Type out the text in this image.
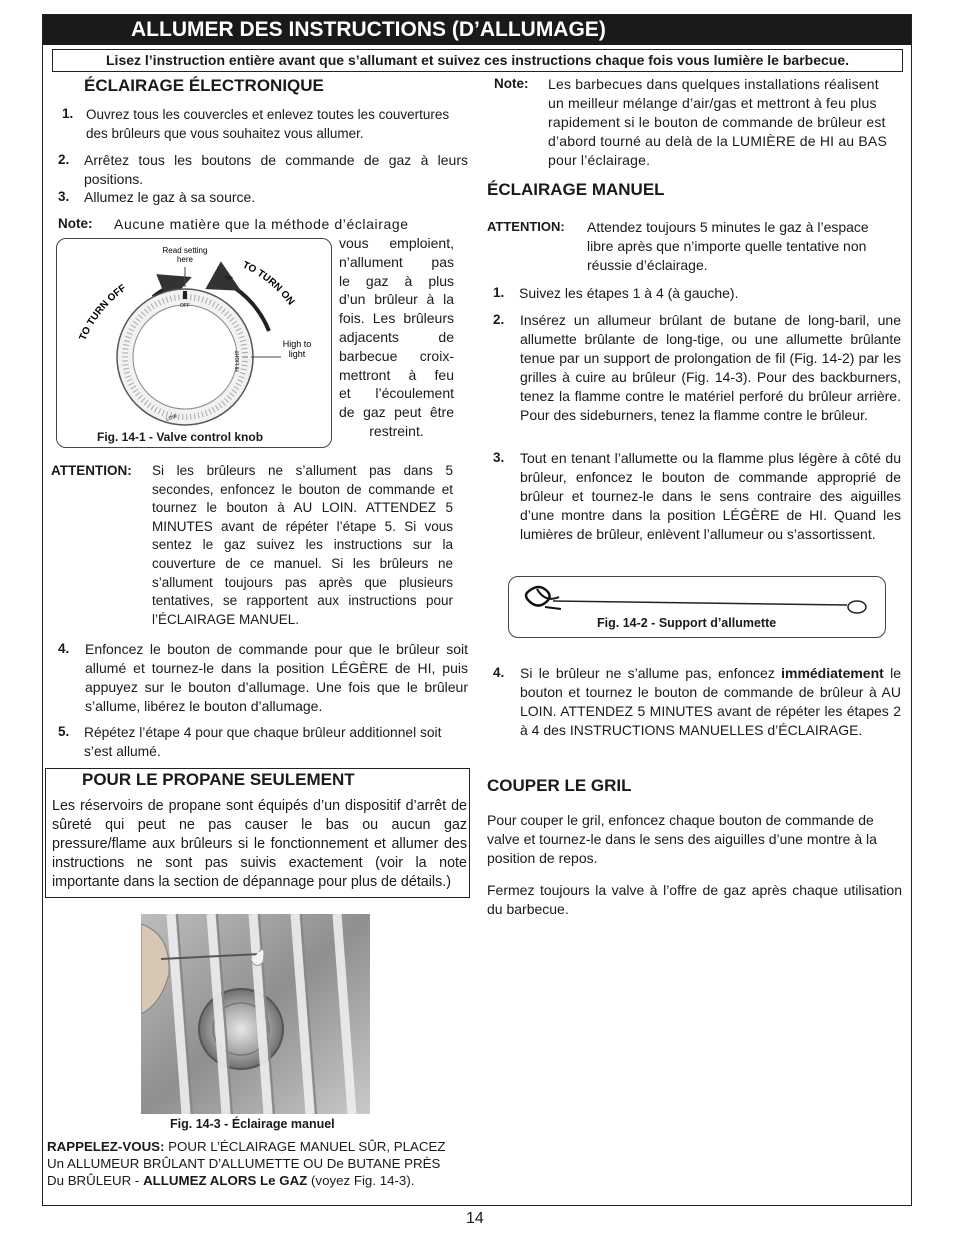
ALLUMER DES INSTRUCTIONS (D’ALLUMAGE)
Lisez l’instruction entière avant que s’allumant et suivez ces instructions chaque fois vous lumière le barbecue.
ÉCLAIRAGE ÉLECTRONIQUE
1. Ouvrez tous les couvercles et enlevez toutes les couvertures des brûleurs que vous souhaitez vous allumer.
2. Arrêtez tous les boutons de commande de gaz à leurs positions.
3. Allumez le gaz à sa source.
Note: Aucune matière que la méthode d’éclairage
vous emploient,
n’allument pas
le gaz à plus
d’un brûleur à la
fois. Les brûleurs
adjacents de
barbecue croix-
mettront à feu
et l’écoulement
de gaz peut être
restreint.
Read setting
here
OFF
LOW
HI LIGHT
High to
light
TO TURN OFF
TO TURN ON
Fig. 14-1 - Valve control knob
ATTENTION: Si les brûleurs ne s’allument pas dans 5 secondes, enfoncez le bouton de commande et tournez le bouton à AU LOIN. ATTENDEZ 5 MINUTES avant de répéter l’étape 5. Si vous sentez le gaz suivez les instructions sur la couverture de ce manuel. Si les brûleurs ne s’allument toujours pas après que plusieurs tentatives, se rapportent aux instructions pour l’ÉCLAIRAGE MANUEL.
4. Enfoncez le bouton de commande pour que le brûleur soit allumé et tournez-le dans la position LÉGÈRE de HI, puis appuyez sur le bouton d’allumage. Une fois que le brûleur s’allume, libérez le bouton d’allumage.
5. Répétez l’étape 4 pour que chaque brûleur additionnel soit s’est allumé.
POUR LE PROPANE SEULEMENT
Les réservoirs de propane sont équipés d’un dispositif d’arrêt de sûreté qui peut ne pas causer le bas ou aucun gaz pressure/flame aux brûleurs si le fonctionnement et allumer des instructions ne sont pas suivis exactement (voir la note importante dans la section de dépannage pour plus de détails.)
Fig. 14-3 - Éclairage manuel
RAPPELEZ-VOUS: POUR L’ÉCLAIRAGE MANUEL SÛR, PLACEZ
Un ALLUMEUR BRÛLANT D’ALLUMETTE OU De BUTANE PRÈS
Du BRÛLEUR - ALLUMEZ ALORS Le GAZ (voyez Fig. 14-3).
Note: Les barbecues dans quelques installations réalisent un meilleur mélange d’air/gas et mettront à feu plus rapidement si le bouton de commande de brûleur est d’abord tourné au delà de la LUMIÈRE de HI au BAS pour l’éclairage.
ÉCLAIRAGE MANUEL
ATTENTION: Attendez toujours 5 minutes le gaz à l’espace libre après que n’importe quelle tentative non réussie d’éclairage.
1. Suivez les étapes 1 à 4 (à gauche).
2. Insérez un allumeur brûlant de butane de long-baril, une allumette brûlante de long-tige, ou une allumette brûlante tenue par un support de prolongation de fil (Fig. 14-2) par les grilles à cuire au brûleur (Fig. 14-3). Pour des backburners, tenez la flamme contre le matériel perforé du brûleur arrière. Pour des sideburners, tenez la flamme contre le brûleur.
3. Tout en tenant l’allumette ou la flamme plus légère à côté du brûleur, enfoncez le bouton de commande approprié de brûleur et tournez-le dans le sens contraire des aiguilles d’une montre dans la position LÉGÈRE de HI. Quand les lumières de brûleur, enlèvent l’allumeur ou s’assortissent.
Fig. 14-2 - Support d’allumette
4. Si le brûleur ne s’allume pas, enfoncez immédiatement le bouton et tournez le bouton de commande de brûleur à AU LOIN. ATTENDEZ 5 MINUTES avant de répéter les étapes 2 à 4 des INSTRUCTIONS MANUELLES d’ÉCLAIRAGE.
COUPER LE GRIL
Pour couper le gril, enfoncez chaque bouton de commande de valve et tournez-le dans le sens des aiguilles d’une montre à la position de repos.
Fermez toujours la valve à l’offre de gaz après chaque utilisation du barbecue.
14
